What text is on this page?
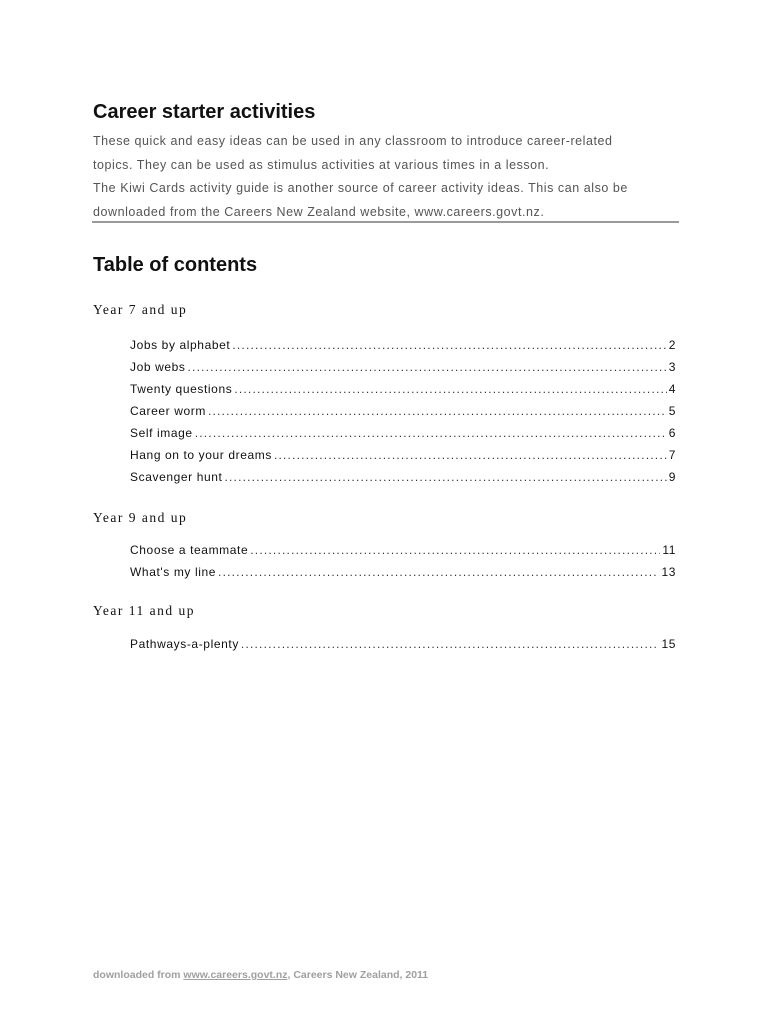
Career starter activities

These quick and easy ideas can be used in any classroom to introduce career-related

topics. They can be used as stimulus activities at various times in a lesson.

The Kiwi Cards activity guide is another source of career activity ideas. This can also be

downloaded from the Careers New Zealand website, www.careers.govt.nz.

Table of contents
Year 7 and up
Jobs by alphabet .....	2
Job webs .....	3
Twenty questions .....	4
Career worm .....	5
Self image .....	6
Hang on to your dreams .....	7
Scavenger hunt .....	9
Year 9 and up
Choose a teammate .....	11
What's my line .....	13
Year 11 and up
Pathways-a-plenty .....	15
downloaded from www.careers.govt.nz, Careers New Zealand, 2011
